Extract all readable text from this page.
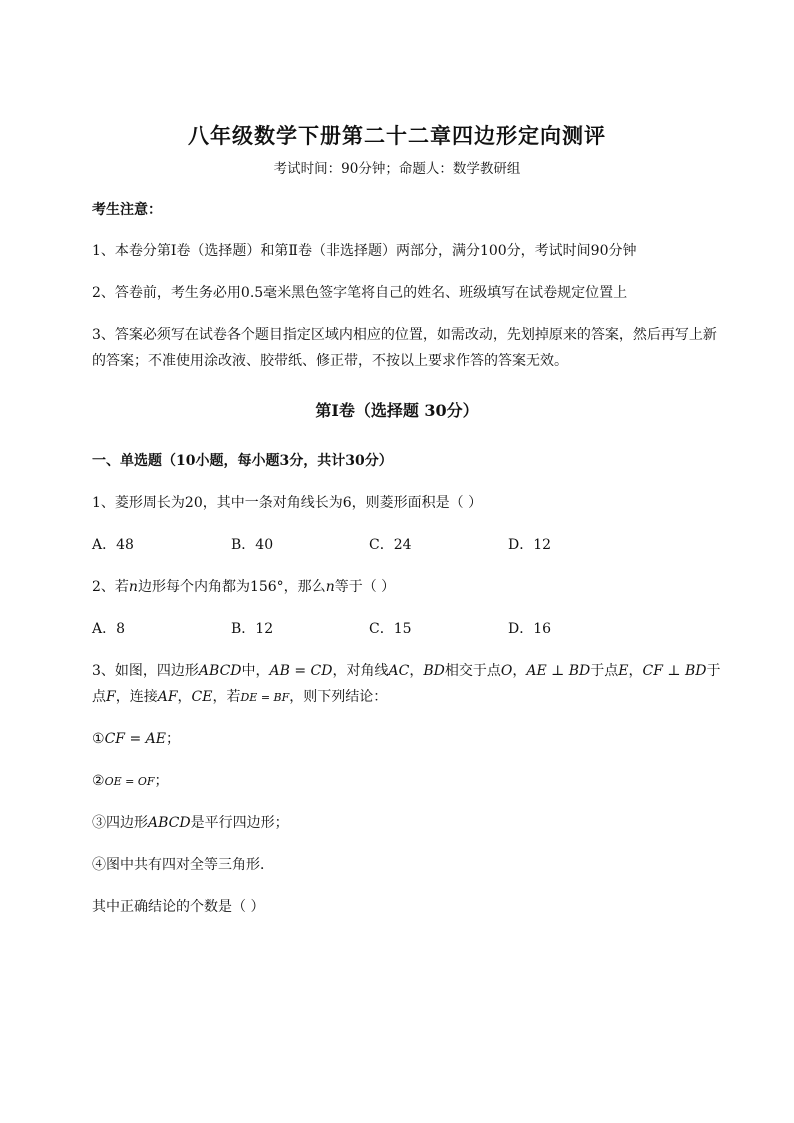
八年级数学下册第二十二章四边形定向测评
考试时间：90分钟；命题人：数学教研组
考生注意：
1、本卷分第I卷（选择题）和第Ⅱ卷（非选择题）两部分，满分100分，考试时间90分钟
2、答卷前，考生务必用0.5毫米黑色签字笔将自己的姓名、班级填写在试卷规定位置上
3、答案必须写在试卷各个题目指定区域内相应的位置，如需改动，先划掉原来的答案，然后再写上新
的答案；不准使用涂改液、胶带纸、修正带，不按以上要求作答的答案无效。
第I卷（选择题 30分）
一、单选题（10小题，每小题3分，共计30分）
1、菱形周长为20，其中一条对角线长为6，则菱形面积是（ ）
A．48	B．40	C．24	D．12
2、若n边形每个内角都为156°，那么n等于（ ）
A．8	B．12	C．15	D．16
3、如图，四边形ABCD中，AB = CD，对角线AC，BD相交于点O，AE ⊥ BD于点E，CF ⊥ BD于
点F，连接AF，CE，若DE = BF，则下列结论：
①CF = AE；
②OE = OF；
③四边形ABCD是平行四边形；
④图中共有四对全等三角形．
其中正确结论的个数是（ ）
